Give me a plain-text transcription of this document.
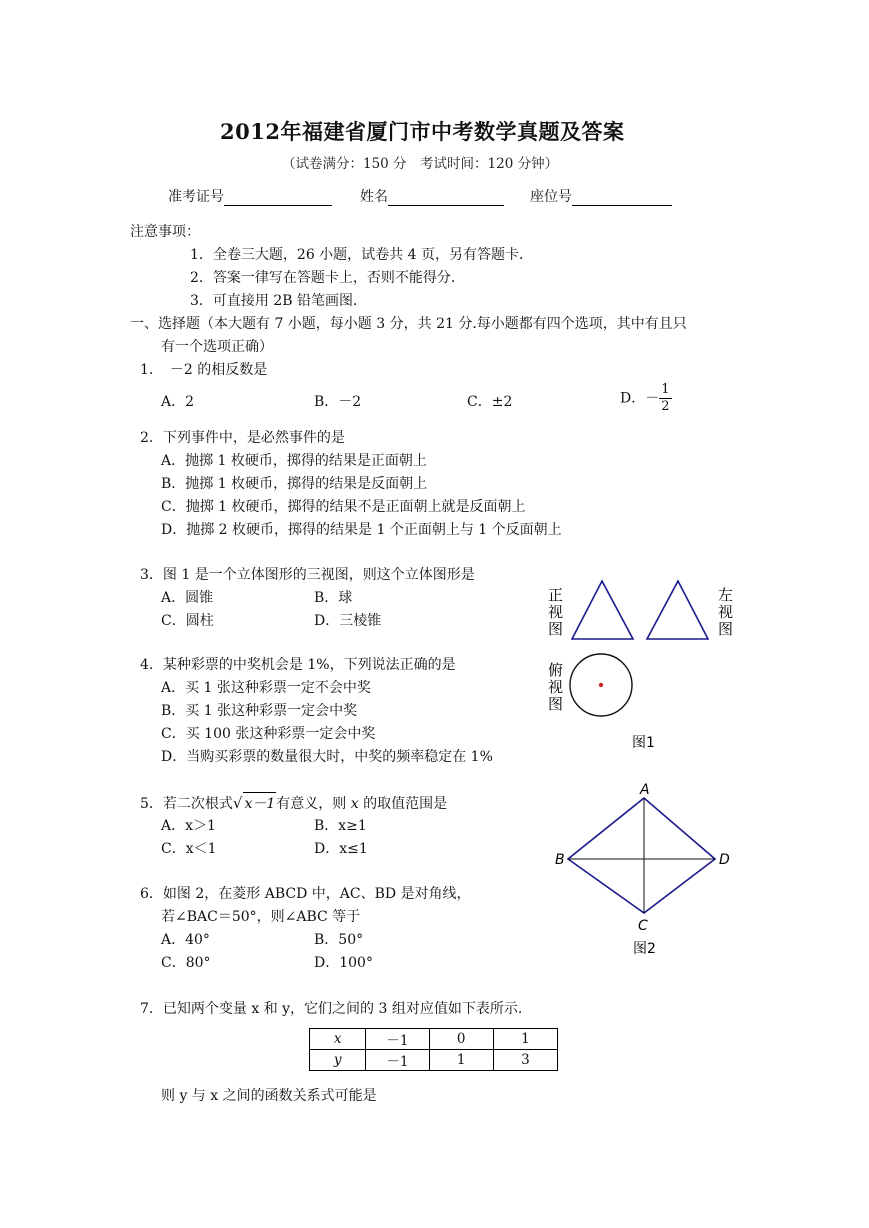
2012年福建省厦门市中考数学真题及答案
（试卷满分：150 分　考试时间：120 分钟）
准考证号	姓名	座位号
注意事项：
1．全卷三大题，26 小题，试卷共 4 页，另有答题卡．
2．答案一律写在答题卡上，否则不能得分．
3．可直接用 2B 铅笔画图．
一、选择题（本大题有 7 小题，每小题 3 分，共 21 分.每小题都有四个选项，其中有且只
有一个选项正确）
1．　－2 的相反数是
A．2	B．－2	C．±2	D．－ $\frac{1}{2}$
2．下列事件中，是必然事件的是
A．抛掷 1 枚硬币，掷得的结果是正面朝上
B．抛掷 1 枚硬币，掷得的结果是反面朝上
C．抛掷 1 枚硬币，掷得的结果不是正面朝上就是反面朝上
D．抛掷 2 枚硬币，掷得的结果是 1 个正面朝上与 1 个反面朝上
3．图 1 是一个立体图形的三视图，则这个立体图形是
A．圆锥	B．球
C．圆柱	D．三棱锥
4．某种彩票的中奖机会是 1%，下列说法正确的是
A．买 1 张这种彩票一定不会中奖
B．买 1 张这种彩票一定会中奖
C．买 100 张这种彩票一定会中奖
D．当购买彩票的数量很大时，中奖的频率稳定在 1%
5．若二次根式√ x－1有意义，则 x 的取值范围是
A．x＞1	B．x≥1
C．x＜1	D．x≤1
6．如图 2，在菱形 ABCD 中，AC、BD 是对角线，
若∠BAC＝50°，则∠ABC 等于
A．40°	B．50°
C．80°	D．100°
7．已知两个变量 x 和 y，它们之间的 3 组对应值如下表所示.
x	－1	0	1
y	－1	1	3
则 y 与 x 之间的函数关系式可能是
正
视
图
左
视
图
俯
视
图
图1
A
B
C
D
图2
